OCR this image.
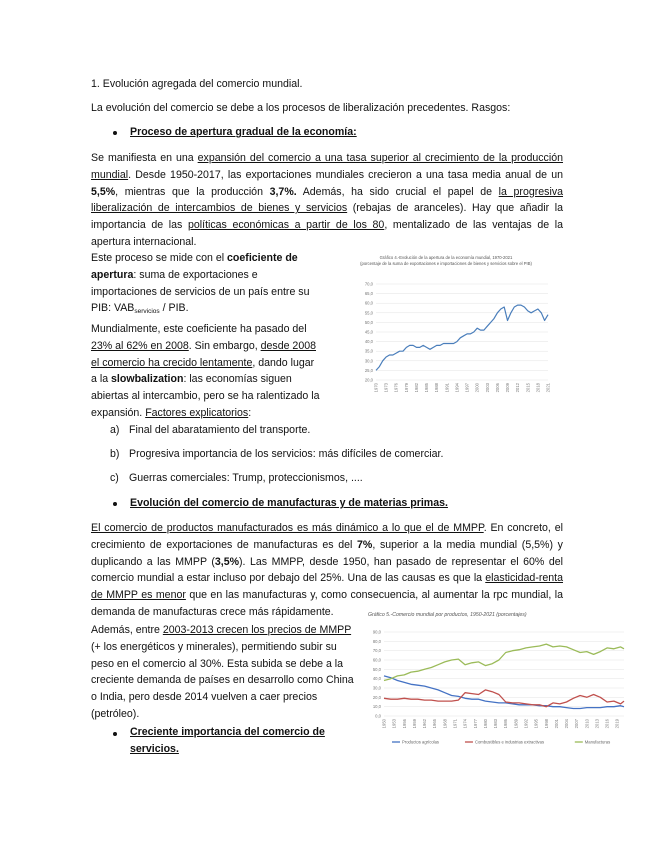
1. Evolución agregada del comercio mundial.
La evolución del comercio se debe a los procesos de liberalización precedentes. Rasgos:
Proceso de apertura gradual de la economía:
Se manifiesta en una expansión del comercio a una tasa superior al crecimiento de la producción mundial. Desde 1950-2017, las exportaciones mundiales crecieron a una tasa media anual de un 5,5%, mientras que la producción 3,7%. Además, ha sido crucial el papel de la progresiva liberalización de intercambios de bienes y servicios (rebajas de aranceles). Hay que añadir la importancia de las políticas económicas a partir de los 80, mentalizado de las ventajas de la apertura internacional.
Este proceso se mide con el coeficiente de apertura: suma de exportaciones e importaciones de servicios de un país entre su PIB: $VAB_{servicios}$ / PIB.
Mundialmente, este coeficiente ha pasado del 23% al 62% en 2008. Sin embargo, desde 2008 el comercio ha crecido lentamente, dando lugar a la slowbalization: las economías siguen abiertas al intercambio, pero se ha ralentizado la expansión. Factores explicatorios:
Gráfico 4.-Evolución de la apertura de la economía mundial, 1970-2021
(porcentaje de la suma de exportaciones e importaciones de bienes y servicios sobre el PIB)
20,0
25,0
30,0
35,0
40,0
45,0
50,0
55,0
60,0
65,0
70,0
1970 1973 1976 1979 1982 1985 1988 1991 1994 1997 2000 2003 2006 2009 2012 2015 2018 2021
a) Final del abaratamiento del transporte.
b) Progresiva importancia de los servicios: más difíciles de comerciar.
c) Guerras comerciales: Trump, proteccionismos, ....
Evolución del comercio de manufacturas y de materias primas.
El comercio de productos manufacturados es más dinámico a lo que el de MMPP. En concreto, el crecimiento de exportaciones de manufacturas es del 7%, superior a la media mundial (5,5%) y duplicando a las MMPP (3,5%). Las MMPP, desde 1950, han pasado de representar el 60% del comercio mundial a estar incluso por debajo del 25%. Una de las causas es que la elasticidad-renta de MMPP es menor que en las manufacturas y, como consecuencia, al aumentar la rpc mundial, la demanda de manufacturas crece más rápidamente.
Además, entre 2003-2013 crecen los precios de MMPP (+ los energéticos y minerales), permitiendo subir su peso en el comercio al 30%. Esta subida se debe a la creciente demanda de países en desarrollo como China o India, pero desde 2014 vuelven a caer precios (petróleo).
Creciente importancia del comercio de servicios.
Gráfico 5.-Comercio mundial por productos, 1950-2021 (porcentajes)
0,0
10,0
20,0
30,0
40,0
50,0
60,0
70,0
80,0
90,0
1950 1953 1956 1959 1962 1965 1968 1971 1974 1977 1980 1983 1986 1989 1992 1995 1998 2001 2004 2007 2010 2013 2016 2019
Productos agrícolas	Combustibles e industrias extractivas	Manufacturas
